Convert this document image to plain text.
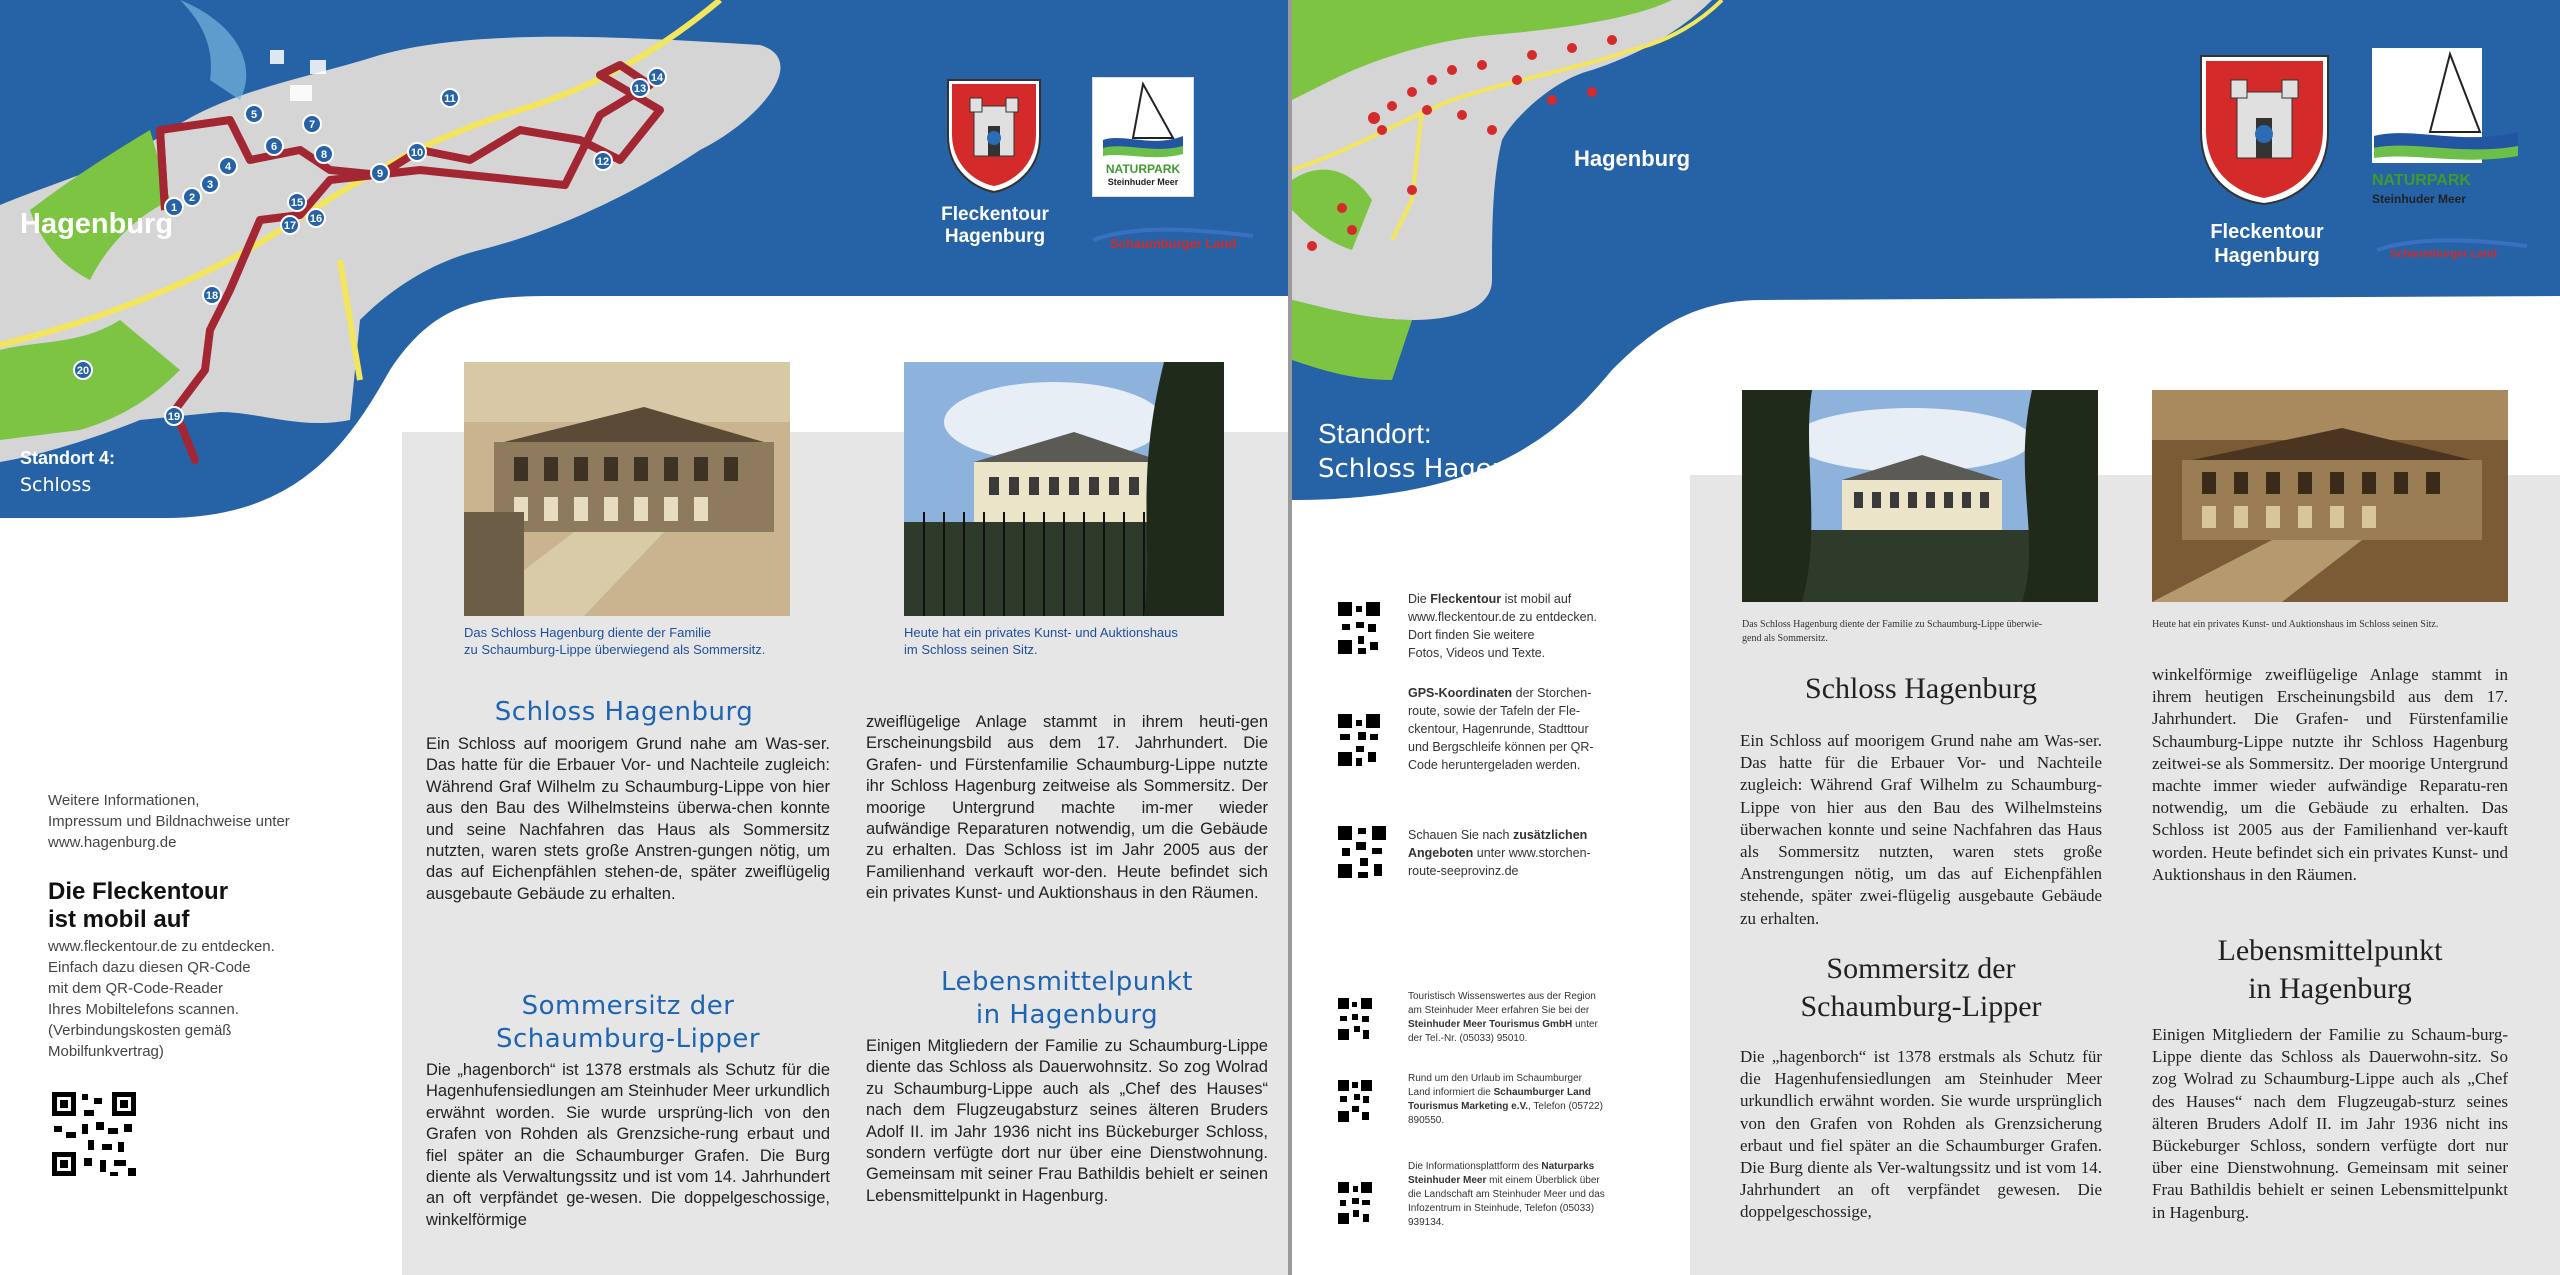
1
2
3
4
5
6
7
8
9
10
11
12
13
14
15
16
17
18
19
20
Hagenburg
Standort 4:
Schloss
NATURPARK
Steinhuder Meer
Fleckentour
Hagenburg	Schaumburger Land
Das Schloss Hagenburg diente der Familie
zu Schaumburg-Lippe überwiegend als Sommersitz.
Heute hat ein privates Kunst- und Auktionshaus
im Schloss seinen Sitz.
Weitere Informationen,
Impressum und Bildnachweise unter
www.hagenburg.de
Die Fleckentour
ist mobil auf
www.fleckentour.de zu entdecken.
Einfach dazu diesen QR-Code
mit dem QR-Code-Reader
Ihres Mobiltelefons scannen.
(Verbindungskosten gemäß
Mobilfunkvertrag)
Schloss Hagenburg
Ein Schloss auf moorigem Grund nahe am Was-ser. Das hatte für die Erbauer Vor- und Nachteile zugleich: Während Graf Wilhelm zu Schaumburg-Lippe von hier aus den Bau des Wilhelmsteins überwa-chen konnte und seine Nachfahren das Haus als Sommersitz nutzten, waren stets große Anstren-gungen nötig, um das auf Eichenpfählen stehen-de, später zweiflügelig ausgebaute Gebäude zu erhalten.
Sommersitz der
Schaumburg-Lipper
Die „hagenborch“ ist 1378 erstmals als Schutz für die Hagenhufensiedlungen am Steinhuder Meer urkundlich erwähnt worden. Sie wurde ursprüng-lich von den Grafen von Rohden als Grenzsiche-rung erbaut und fiel später an die Schaumburger Grafen. Die Burg diente als Verwaltungssitz und ist vom 14. Jahrhundert an oft verpfändet ge-wesen. Die doppelgeschossige, winkelförmige
zweiflügelige Anlage stammt in ihrem heuti-gen Erscheinungsbild aus dem 17. Jahrhundert. Die Grafen- und Fürstenfamilie Schaumburg-Lippe nutzte ihr Schloss Hagenburg zeitweise als Sommersitz. Der moorige Untergrund machte im-mer wieder aufwändige Reparaturen notwendig, um die Gebäude zu erhalten. Das Schloss ist im Jahr 2005 aus der Familienhand verkauft wor-den. Heute befindet sich ein privates Kunst- und Auktionshaus in den Räumen.
Lebensmittelpunkt
in Hagenburg
Einigen Mitgliedern der Familie zu Schaumburg-Lippe diente das Schloss als Dauerwohnsitz. So zog Wolrad zu Schaumburg-Lippe auch als „Chef des Hauses“ nach dem Flugzeugabsturz seines älteren Bruders Adolf II. im Jahr 1936 nicht ins Bückeburger Schloss, sondern verfügte dort nur über eine Dienstwohnung. Gemeinsam mit seiner Frau Bathildis behielt er seinen Lebensmittelpunkt in Hagenburg.
Hagenburg
Standort:
Schloss Hagenburg
NATURPARK
Steinhuder Meer
Fleckentour
Hagenburg	Schaumburger Land
Die Fleckentour ist mobil auf
www.fleckentour.de zu entdecken.
Dort finden Sie weitere
Fotos, Videos und Texte.
GPS-Koordinaten der Storchen-
route, sowie der Tafeln der Fle-
ckentour, Hagenrunde, Stadttour
und Bergschleife können per QR-
Code heruntergeladen werden.
Schauen Sie nach zusätzlichen
Angeboten unter www.storchen-
route-seeprovinz.de
Touristisch Wissenswertes aus der Region
am Steinhuder Meer erfahren Sie bei der
Steinhuder Meer Tourismus GmbH unter
der Tel.-Nr. (05033) 95010.
Rund um den Urlaub im Schaumburger
Land informiert die Schaumburger Land
Tourismus Marketing e.V., Telefon (05722)
890550.
Die Informationsplattform des Naturparks
Steinhuder Meer mit einem Überblick über
die Landschaft am Steinhuder Meer und das
Infozentrum in Steinhude, Telefon (05033)
939134.
Das Schloss Hagenburg diente der Familie zu Schaumburg-Lippe überwie-
gend als Sommersitz.
Heute hat ein privates Kunst- und Auktionshaus im Schloss seinen Sitz.
Schloss Hagenburg
Ein Schloss auf moorigem Grund nahe am Was-ser. Das hatte für die Erbauer Vor- und Nachteile zugleich: Während Graf Wilhelm zu Schaumburg-Lippe von hier aus den Bau des Wilhelmsteins überwachen konnte und seine Nachfahren das Haus als Sommersitz nutzten, waren stets große Anstrengungen nötig, um das auf Eichenpfählen stehende, später zwei-flügelig ausgebaute Gebäude zu erhalten.
Sommersitz der
Schaumburg-Lipper
Die „hagenborch“ ist 1378 erstmals als Schutz für die Hagenhufensiedlungen am Steinhuder Meer urkundlich erwähnt worden. Sie wurde ursprünglich von den Grafen von Rohden als Grenzsicherung erbaut und fiel später an die Schaumburger Grafen. Die Burg diente als Ver-waltungssitz und ist vom 14. Jahrhundert an oft verpfändet gewesen. Die doppelgeschossige,
winkelförmige zweiflügelige Anlage stammt in ihrem heutigen Erscheinungsbild aus dem 17. Jahrhundert. Die Grafen- und Fürstenfamilie Schaumburg-Lippe nutzte ihr Schloss Hagenburg zeitwei-se als Sommersitz. Der moorige Untergrund machte immer wieder aufwändige Reparatu-ren notwendig, um die Gebäude zu erhalten. Das Schloss ist 2005 aus der Familienhand ver-kauft worden. Heute befindet sich ein privates Kunst- und Auktionshaus in den Räumen.
Lebensmittelpunkt
in Hagenburg
Einigen Mitgliedern der Familie zu Schaum-burg-Lippe diente das Schloss als Dauerwohn-sitz. So zog Wolrad zu Schaumburg-Lippe auch als „Chef des Hauses“ nach dem Flugzeugab-sturz seines älteren Bruders Adolf II. im Jahr 1936 nicht ins Bückeburger Schloss, sondern verfügte dort nur über eine Dienstwohnung. Gemeinsam mit seiner Frau Bathildis behielt er seinen Lebensmittelpunkt in Hagenburg.
